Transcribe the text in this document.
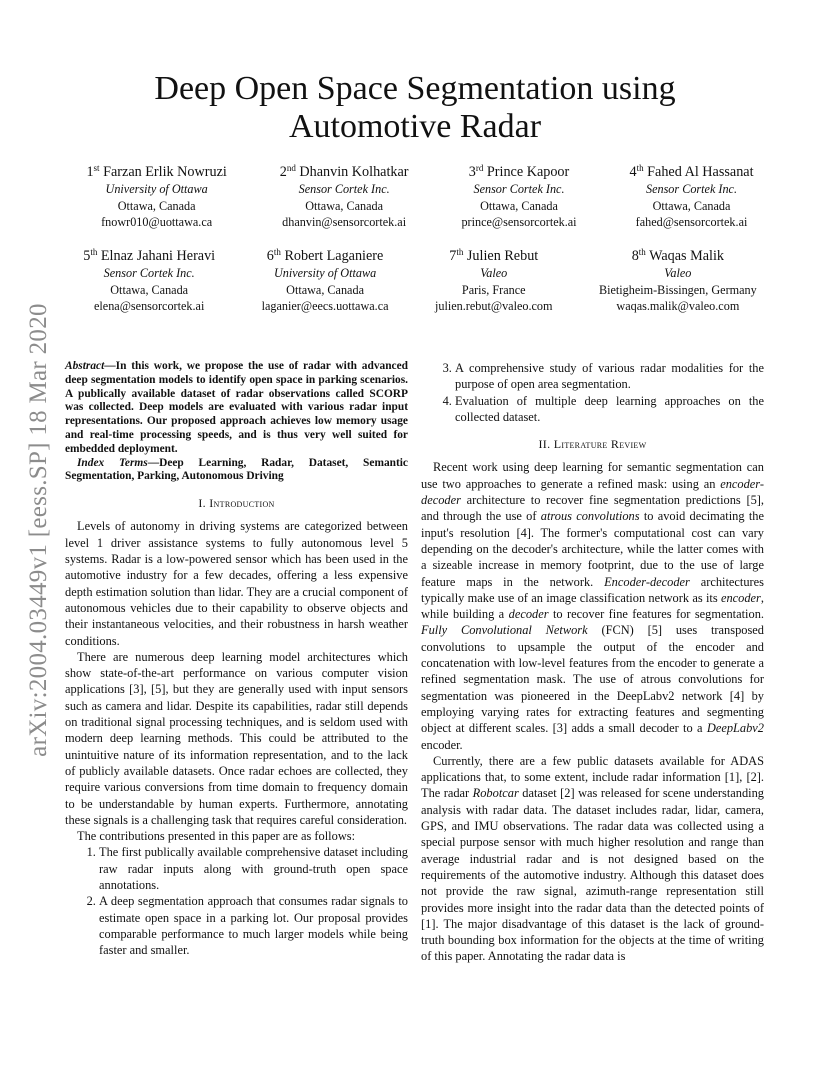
arXiv:2004.03449v1 [eess.SP] 18 Mar 2020
Deep Open Space Segmentation using Automotive Radar
1st Farzan Erlik Nowruzi
University of Ottawa
Ottawa, Canada
fnowr010@uottawa.ca
2nd Dhanvin Kolhatkar
Sensor Cortek Inc.
Ottawa, Canada
dhanvin@sensorcortek.ai
3rd Prince Kapoor
Sensor Cortek Inc.
Ottawa, Canada
prince@sensorcortek.ai
4th Fahed Al Hassanat
Sensor Cortek Inc.
Ottawa, Canada
fahed@sensorcortek.ai
5th Elnaz Jahani Heravi
Sensor Cortek Inc.
Ottawa, Canada
elena@sensorcortek.ai
6th Robert Laganiere
University of Ottawa
Ottawa, Canada
laganier@eecs.uottawa.ca
7th Julien Rebut
Valeo
Paris, France
julien.rebut@valeo.com
8th Waqas Malik
Valeo
Bietigheim-Bissingen, Germany
waqas.malik@valeo.com

Abstract—In this work, we propose the use of radar with advanced deep segmentation models to identify open space in parking scenarios. A publically available dataset of radar observations called SCORP was collected. Deep models are evaluated with various radar input representations. Our proposed approach achieves low memory usage and real-time processing speeds, and is thus very well suited for embedded deployment.

Index Terms—Deep Learning, Radar, Dataset, Semantic Segmentation, Parking, Autonomous Driving

I. Introduction

Levels of autonomy in driving systems are categorized between level 1 driver assistance systems to fully autonomous level 5 systems. Radar is a low-powered sensor which has been used in the automotive industry for a few decades, offering a less expensive depth estimation solution than lidar. They are a crucial component of autonomous vehicles due to their capability to observe objects and their instantaneous velocities, and their robustness in harsh weather conditions.

There are numerous deep learning model architectures which show state-of-the-art performance on various computer vision applications [3], [5], but they are generally used with input sensors such as camera and lidar. Despite its capabilities, radar still depends on traditional signal processing techniques, and is seldom used with modern deep learning methods. This could be attributed to the unintuitive nature of its information representation, and to the lack of publicly available datasets. Once radar echoes are collected, they require various conversions from time domain to frequency domain to be understandable by human experts. Furthermore, annotating these signals is a challenging task that requires careful consideration.

The contributions presented in this paper are as follows:

1. The first publically available comprehensive dataset including raw radar inputs along with ground-truth open space annotations.
2. A deep segmentation approach that consumes radar signals to estimate open space in a parking lot. Our proposal provides comparable performance to much larger models while being faster and smaller.
3. A comprehensive study of various radar modalities for the purpose of open area segmentation.
4. Evaluation of multiple deep learning approaches on the collected dataset.
II. Literature Review

Recent work using deep learning for semantic segmentation can use two approaches to generate a refined mask: using an encoder-decoder architecture to recover fine segmentation predictions [5], and through the use of atrous convolutions to avoid decimating the input's resolution [4]. The former's computational cost can vary depending on the decoder's architecture, while the latter comes with a sizeable increase in memory footprint, due to the use of large feature maps in the network. Encoder-decoder architectures typically make use of an image classification network as its encoder, while building a decoder to recover fine features for segmentation. Fully Convolutional Network (FCN) [5] uses transposed convolutions to upsample the output of the encoder and concatenation with low-level features from the encoder to generate a refined segmentation mask. The use of atrous convolutions for segmentation was pioneered in the DeepLabv2 network [4] by employing varying rates for extracting features and segmenting object at different scales. [3] adds a small decoder to a DeepLabv2 encoder.

Currently, there are a few public datasets available for ADAS applications that, to some extent, include radar information [1], [2]. The radar Robotcar dataset [2] was released for scene understanding analysis with radar data. The dataset includes radar, lidar, camera, GPS, and IMU observations. The radar data was collected using a special purpose sensor with much higher resolution and range than average industrial radar and is not designed based on the requirements of the automotive industry. Although this dataset does not provide the raw signal, azimuth-range representation still provides more insight into the radar data than the detected points of [1]. The major disadvantage of this dataset is the lack of ground-truth bounding box information for the objects at the time of writing of this paper. Annotating the radar data is
